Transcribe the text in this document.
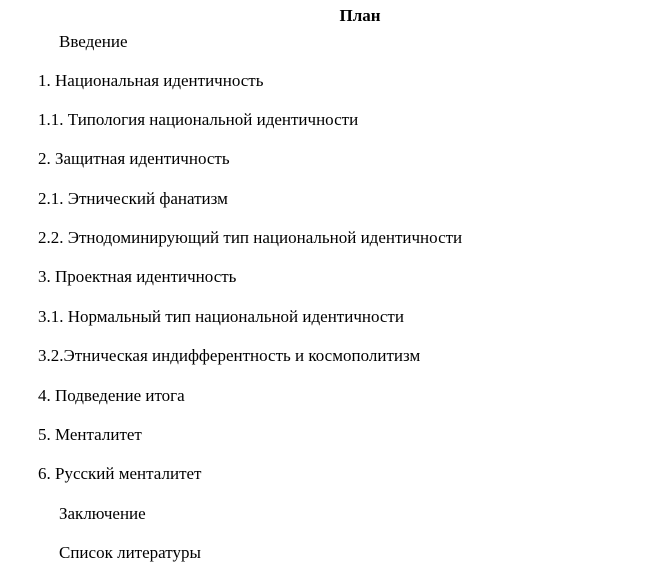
План
Введение
1. Национальная идентичность
1.1. Типология национальной идентичности
2. Защитная идентичность
2.1. Этнический фанатизм
2.2. Этнодоминирующий тип национальной идентичности
3. Проектная идентичность
3.1. Нормальный тип национальной идентичности
3.2.Этническая индифферентность и космополитизм
4. Подведение итога
5. Менталитет
6. Русский менталитет
Заключение
Список литературы
